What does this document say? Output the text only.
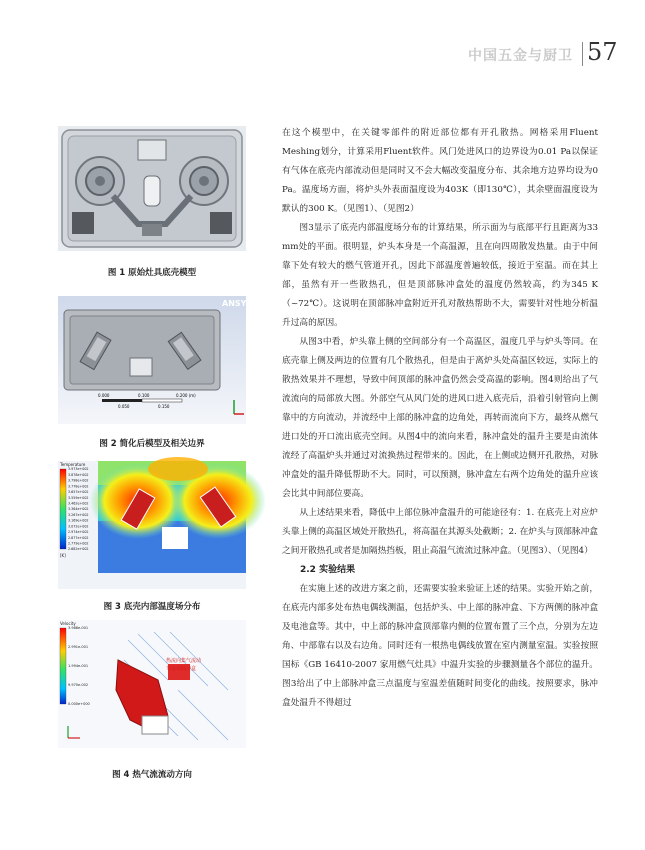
中国五金与厨卫 57
图 1 原始灶具底壳模型
ANSYS
0.000	0.100	0.200 (m)
0.050	0.150
图 2 简化后模型及相关边界
Temperature
3.973e+002
3.878e+002
3.798e+002
3.778e+002
3.657e+002
3.559e+002
3.462e+002
3.364e+002
3.267e+002
3.169e+002
3.072e+002
2.974e+002
2.877e+002
2.779e+002
2.682e+002
[K]
图 3 底壳内部温度场分布
热流向集气流动
导流到脉冲盒
Velocity
3.988e-001
2.991e-001
1.994e-001
9.970e-002
0.000e+000
图 4 热气流流动方向

在这个模型中，在关键零部件的附近部位都有开孔散热。网格采用Fluent Meshing划分，计算采用Fluent软件。风门处进风口的边界设为0.01 Pa以保证有气体在底壳内部流动但是同时又不会大幅改变温度分布、其余地方边界均设为0 Pa。温度场方面，将炉头外表面温度设为403K（即130℃），其余壁面温度设为默认的300 K。（见图1）、（见图2）

图3显示了底壳内部温度场分布的计算结果，所示面为与底部平行且距离为33 mm处的平面。很明显，炉头本身是一个高温源，且在向四周散发热量。由于中间靠下处有较大的燃气管道开孔，因此下部温度普遍较低，接近于室温。而在其上部，虽然有开一些散热孔，但是顶部脉冲盒处的温度仍然较高，约为345 K（~72℃）。这说明在顶部脉冲盒附近开孔对散热帮助不大，需要针对性地分析温升过高的原因。

从图3中看，炉头靠上侧的空间部分有一个高温区，温度几乎与炉头等同。在底壳靠上侧及两边的位置有几个散热孔，但是由于离炉头处高温区较远，实际上的散热效果并不理想，导致中间顶部的脉冲盒仍然会受高温的影响。图4则给出了气流流向的局部放大图。外部空气从风门处的进风口进入底壳后，沿着引射管向上侧靠中的方向流动，并流经中上部的脉冲盒的边角处，再转而流向下方，最终从燃气进口处的开口流出底壳空间。从图4中的流向来看，脉冲盒处的温升主要是由流体流经了高温炉头并通过对流换热过程带来的。因此，在上侧或边侧开孔散热，对脉冲盒处的温升降低帮助不大。同时，可以预测，脉冲盒左右两个边角处的温升应该会比其中间部位要高。

从上述结果来看，降低中上部位脉冲盒温升的可能途径有：1. 在底壳上对应炉头靠上侧的高温区域处开散热孔，将高温在其源头处截断；2. 在炉头与顶部脉冲盒之间开散热孔或者是加隔热挡板，阻止高温气流流过脉冲盒。（见图3）、（见图4）

2.2 实验结果

在实施上述的改进方案之前，还需要实验来验证上述的结果。实验开始之前，在底壳内部多处布热电偶线测温，包括炉头、中上部的脉冲盒、下方两侧的脉冲盒及电池盒等。其中，中上部的脉冲盒顶部靠内侧的位置布置了三个点，分别为左边角、中部靠右以及右边角。同时还有一根热电偶线放置在室内测量室温。实验按照国标《GB 16410-2007 家用燃气灶具》中温升实验的步骤测量各个部位的温升。图3给出了中上部脉冲盒三点温度与室温差值随时间变化的曲线。按照要求，脉冲盒处温升不得超过
